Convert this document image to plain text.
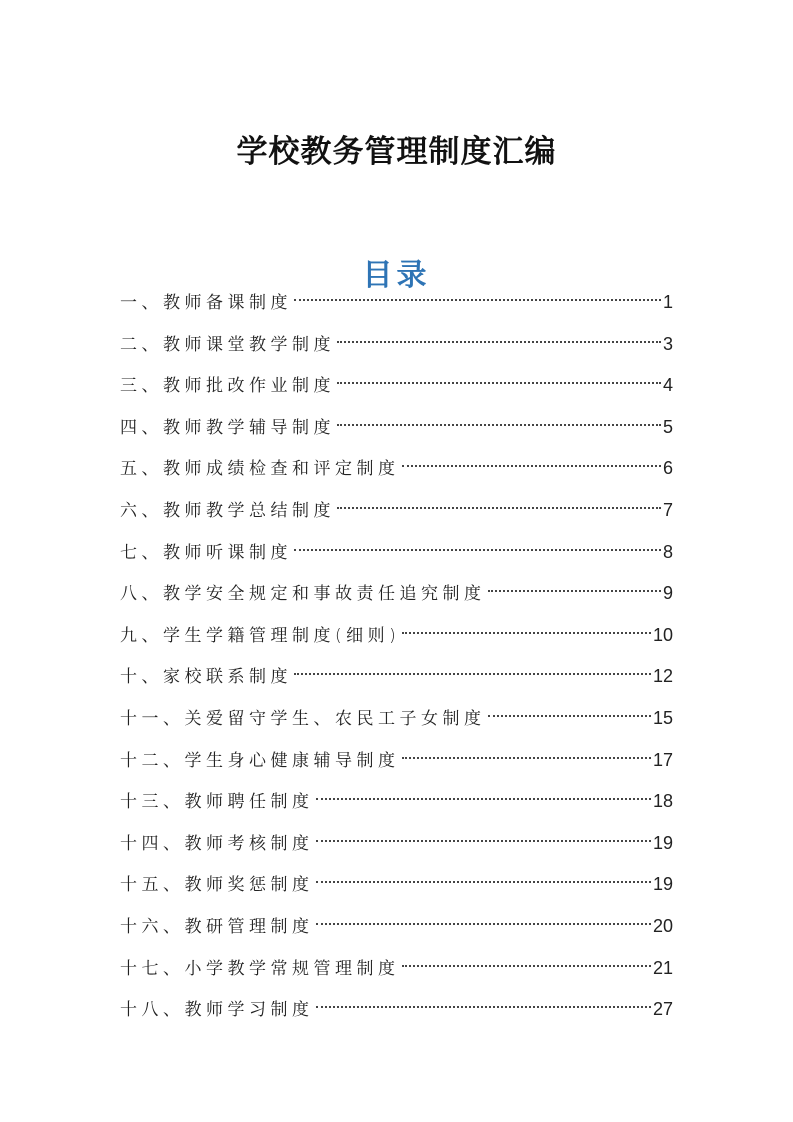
学校教务管理制度汇编
目录
一、教师备课制度	1
二、教师课堂教学制度	3
三、教师批改作业制度	4
四、教师教学辅导制度	5
五、教师成绩检查和评定制度	6
六、教师教学总结制度	7
七、教师听课制度	8
八、教学安全规定和事故责任追究制度	9
九、学生学籍管理制度(细则)	10
十、家校联系制度	12
十一、关爱留守学生、农民工子女制度	15
十二、学生身心健康辅导制度	17
十三、教师聘任制度	18
十四、教师考核制度	19
十五、教师奖惩制度	19
十六、教研管理制度	20
十七、小学教学常规管理制度	21
十八、教师学习制度	27
